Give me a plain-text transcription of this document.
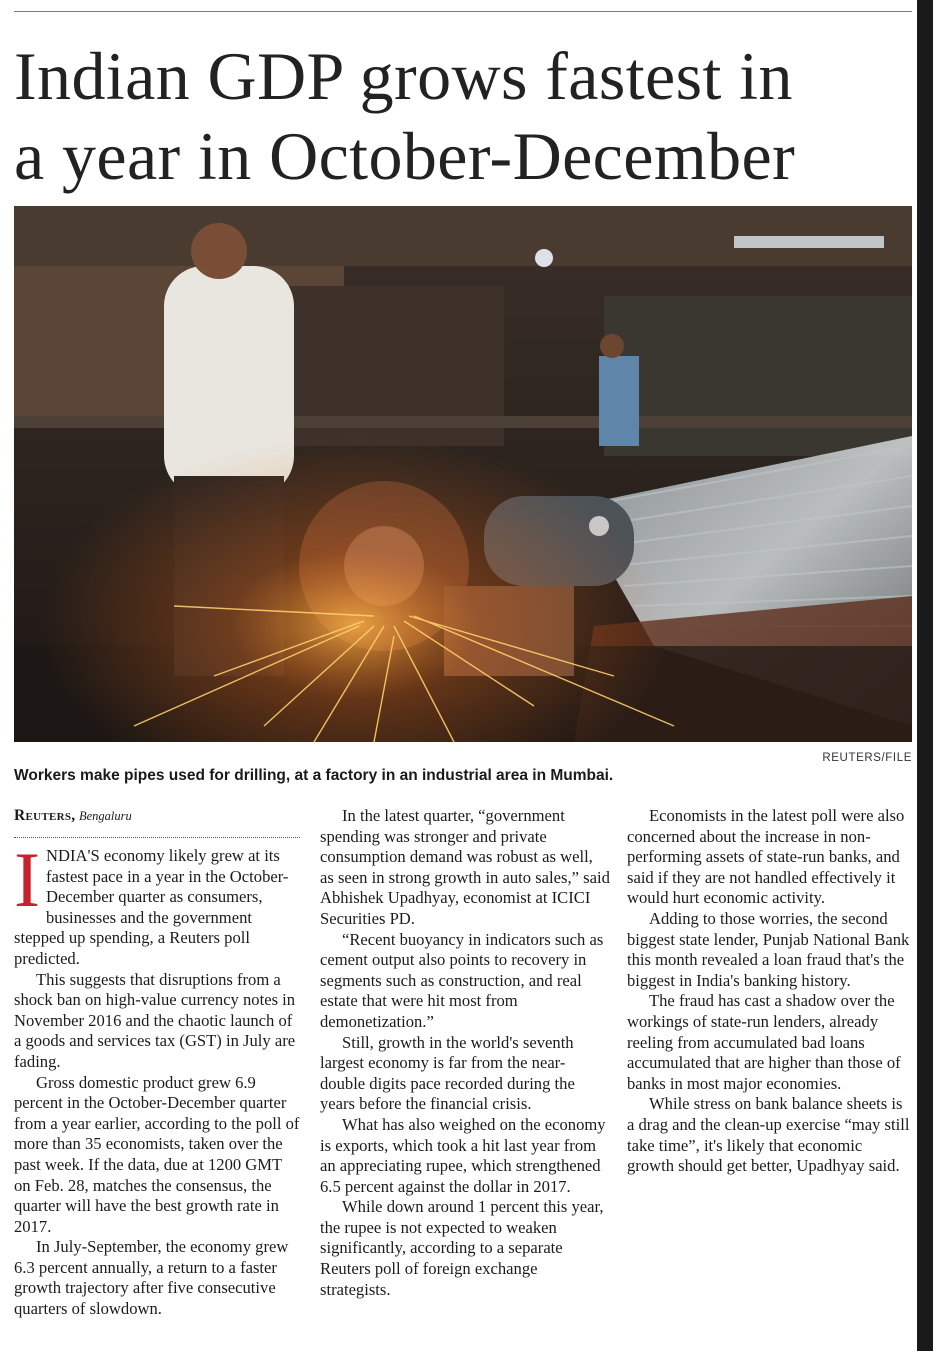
Indian GDP grows fastest in
a year in October-December
REUTERS/FILE
Workers make pipes used for drilling, at a factory in an industrial area in Mumbai.
Reuters, Bengaluru

INDIA'S economy likely grew at its fastest pace in a year in the October-December quarter as consumers, businesses and the government stepped up spending, a Reuters poll predicted.

This suggests that disruptions from a shock ban on high-value currency notes in November 2016 and the chaotic launch of a goods and services tax (GST) in July are fading.

Gross domestic product grew 6.9 percent in the October-December quarter from a year earlier, according to the poll of more than 35 economists, taken over the past week. If the data, due at 1200 GMT on Feb. 28, matches the consensus, the quarter will have the best growth rate in 2017.

In July-September, the economy grew 6.3 percent annually, a return to a faster growth trajectory after five consecutive quarters of slowdown.

In the latest quarter, “government spending was stronger and private consumption demand was robust as well, as seen in strong growth in auto sales,” said Abhishek Upadhyay, economist at ICICI Securities PD.

“Recent buoyancy in indicators such as cement output also points to recovery in segments such as construction, and real estate that were hit most from demonetization.”

Still, growth in the world's seventh largest economy is far from the near-double digits pace recorded during the years before the financial crisis.

What has also weighed on the economy is exports, which took a hit last year from an appreciating rupee, which strengthened 6.5 percent against the dollar in 2017.

While down around 1 percent this year, the rupee is not expected to weaken significantly, according to a separate Reuters poll of foreign exchange strategists.

Economists in the latest poll were also concerned about the increase in non-performing assets of state-run banks, and said if they are not handled effectively it would hurt economic activity.

Adding to those worries, the second biggest state lender, Punjab National Bank this month revealed a loan fraud that's the biggest in India's banking history.

The fraud has cast a shadow over the workings of state-run lenders, already reeling from accumulated bad loans accumulated that are higher than those of banks in most major economies.

While stress on bank balance sheets is a drag and the clean-up exercise “may still take time”, it's likely that economic growth should get better, Upadhyay said.
